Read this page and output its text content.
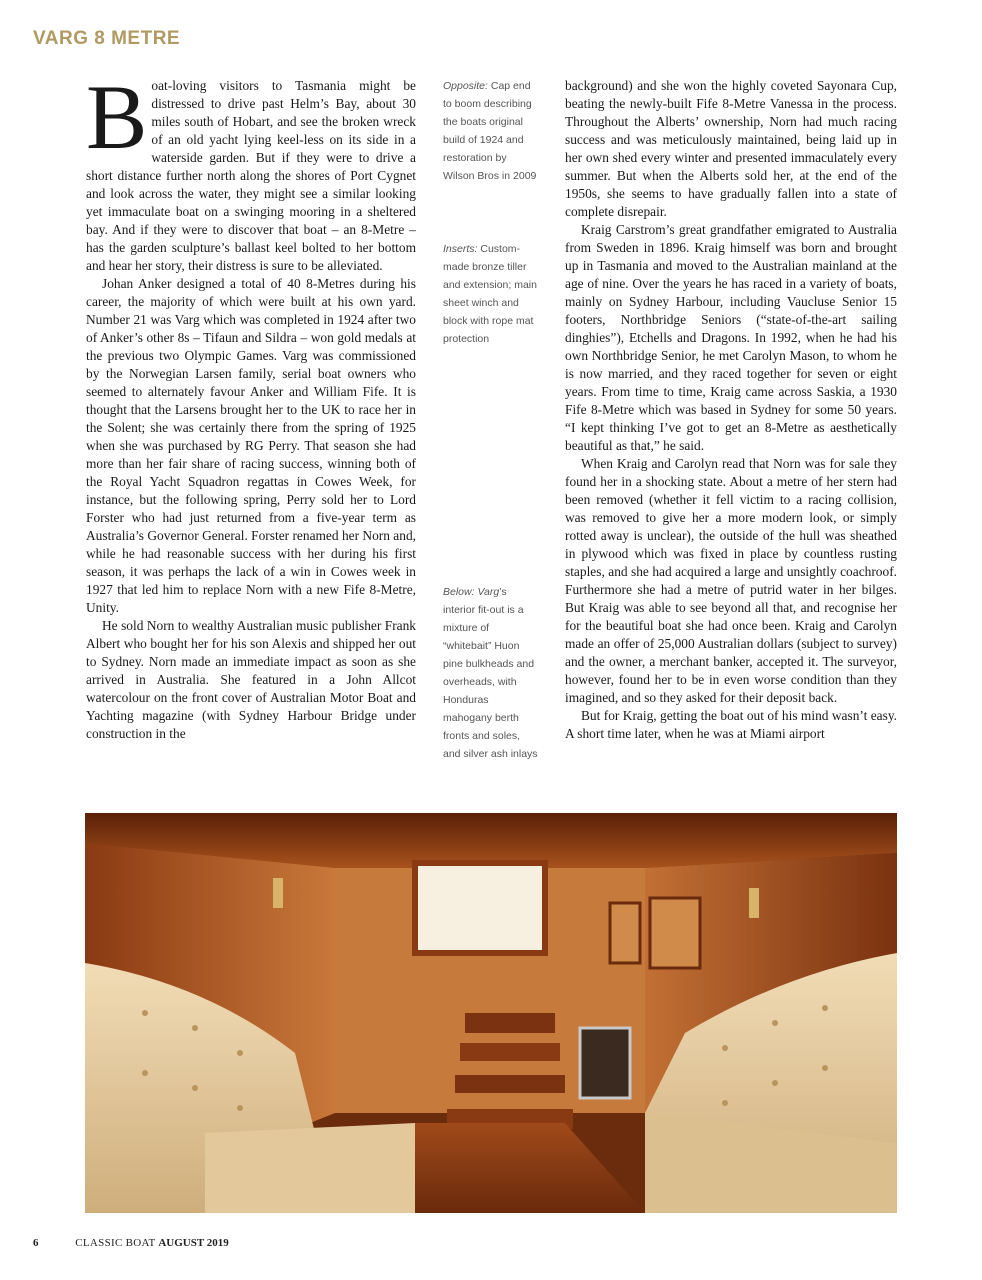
VARG 8 METRE

Boat-loving visitors to Tasmania might be distressed to drive past Helm’s Bay, about 30 miles south of Hobart, and see the broken wreck of an old yacht lying keel-less on its side in a waterside garden. But if they were to drive a short distance further north along the shores of Port Cygnet and look across the water, they might see a similar looking yet immaculate boat on a swinging mooring in a sheltered bay. And if they were to discover that boat – an 8-Metre – has the garden sculpture’s ballast keel bolted to her bottom and hear her story, their distress is sure to be alleviated.

Johan Anker designed a total of 40 8-Metres during his career, the majority of which were built at his own yard. Number 21 was Varg which was completed in 1924 after two of Anker’s other 8s – Tifaun and Sildra – won gold medals at the previous two Olympic Games. Varg was commissioned by the Norwegian Larsen family, serial boat owners who seemed to alternately favour Anker and William Fife. It is thought that the Larsens brought her to the UK to race her in the Solent; she was certainly there from the spring of 1925 when she was purchased by RG Perry. That season she had more than her fair share of racing success, winning both of the Royal Yacht Squadron regattas in Cowes Week, for instance, but the following spring, Perry sold her to Lord Forster who had just returned from a five-year term as Australia’s Governor General. Forster renamed her Norn and, while he had reasonable success with her during his first season, it was perhaps the lack of a win in Cowes week in 1927 that led him to replace Norn with a new Fife 8-Metre, Unity.

He sold Norn to wealthy Australian music publisher Frank Albert who bought her for his son Alexis and shipped her out to Sydney. Norn made an immediate impact as soon as she arrived in Australia. She featured in a John Allcot watercolour on the front cover of Australian Motor Boat and Yachting magazine (with Sydney Harbour Bridge under construction in the

Opposite: Cap end to boom describing the boats original build of 1924 and restoration by Wilson Bros in 2009
Inserts: Custom-made bronze tiller and extension; main sheet winch and block with rope mat protection
Below: Varg’s interior fit-out is a mixture of “whitebait” Huon pine bulkheads and overheads, with Honduras mahogany berth fronts and soles, and silver ash inlays

background) and she won the highly coveted Sayonara Cup, beating the newly-built Fife 8-Metre Vanessa in the process. Throughout the Alberts’ ownership, Norn had much racing success and was meticulously maintained, being laid up in her own shed every winter and presented immaculately every summer. But when the Alberts sold her, at the end of the 1950s, she seems to have gradually fallen into a state of complete disrepair.

Kraig Carstrom’s great grandfather emigrated to Australia from Sweden in 1896. Kraig himself was born and brought up in Tasmania and moved to the Australian mainland at the age of nine. Over the years he has raced in a variety of boats, mainly on Sydney Harbour, including Vaucluse Senior 15 footers, Northbridge Seniors (“state-of-the-art sailing dinghies”), Etchells and Dragons. In 1992, when he had his own Northbridge Senior, he met Carolyn Mason, to whom he is now married, and they raced together for seven or eight years. From time to time, Kraig came across Saskia, a 1930 Fife 8-Metre which was based in Sydney for some 50 years. “I kept thinking I’ve got to get an 8-Metre as aesthetically beautiful as that,” he said.

When Kraig and Carolyn read that Norn was for sale they found her in a shocking state. About a metre of her stern had been removed (whether it fell victim to a racing collision, was removed to give her a more modern look, or simply rotted away is unclear), the outside of the hull was sheathed in plywood which was fixed in place by countless rusting staples, and she had acquired a large and unsightly coachroof. Furthermore she had a metre of putrid water in her bilges. But Kraig was able to see beyond all that, and recognise her for the beautiful boat she had once been. Kraig and Carolyn made an offer of 25,000 Australian dollars (subject to survey) and the owner, a merchant banker, accepted it. The surveyor, however, found her to be in even worse condition than they imagined, and so they asked for their deposit back.

But for Kraig, getting the boat out of his mind wasn’t easy. A short time later, when he was at Miami airport

6	CLASSIC BOAT AUGUST 2019
